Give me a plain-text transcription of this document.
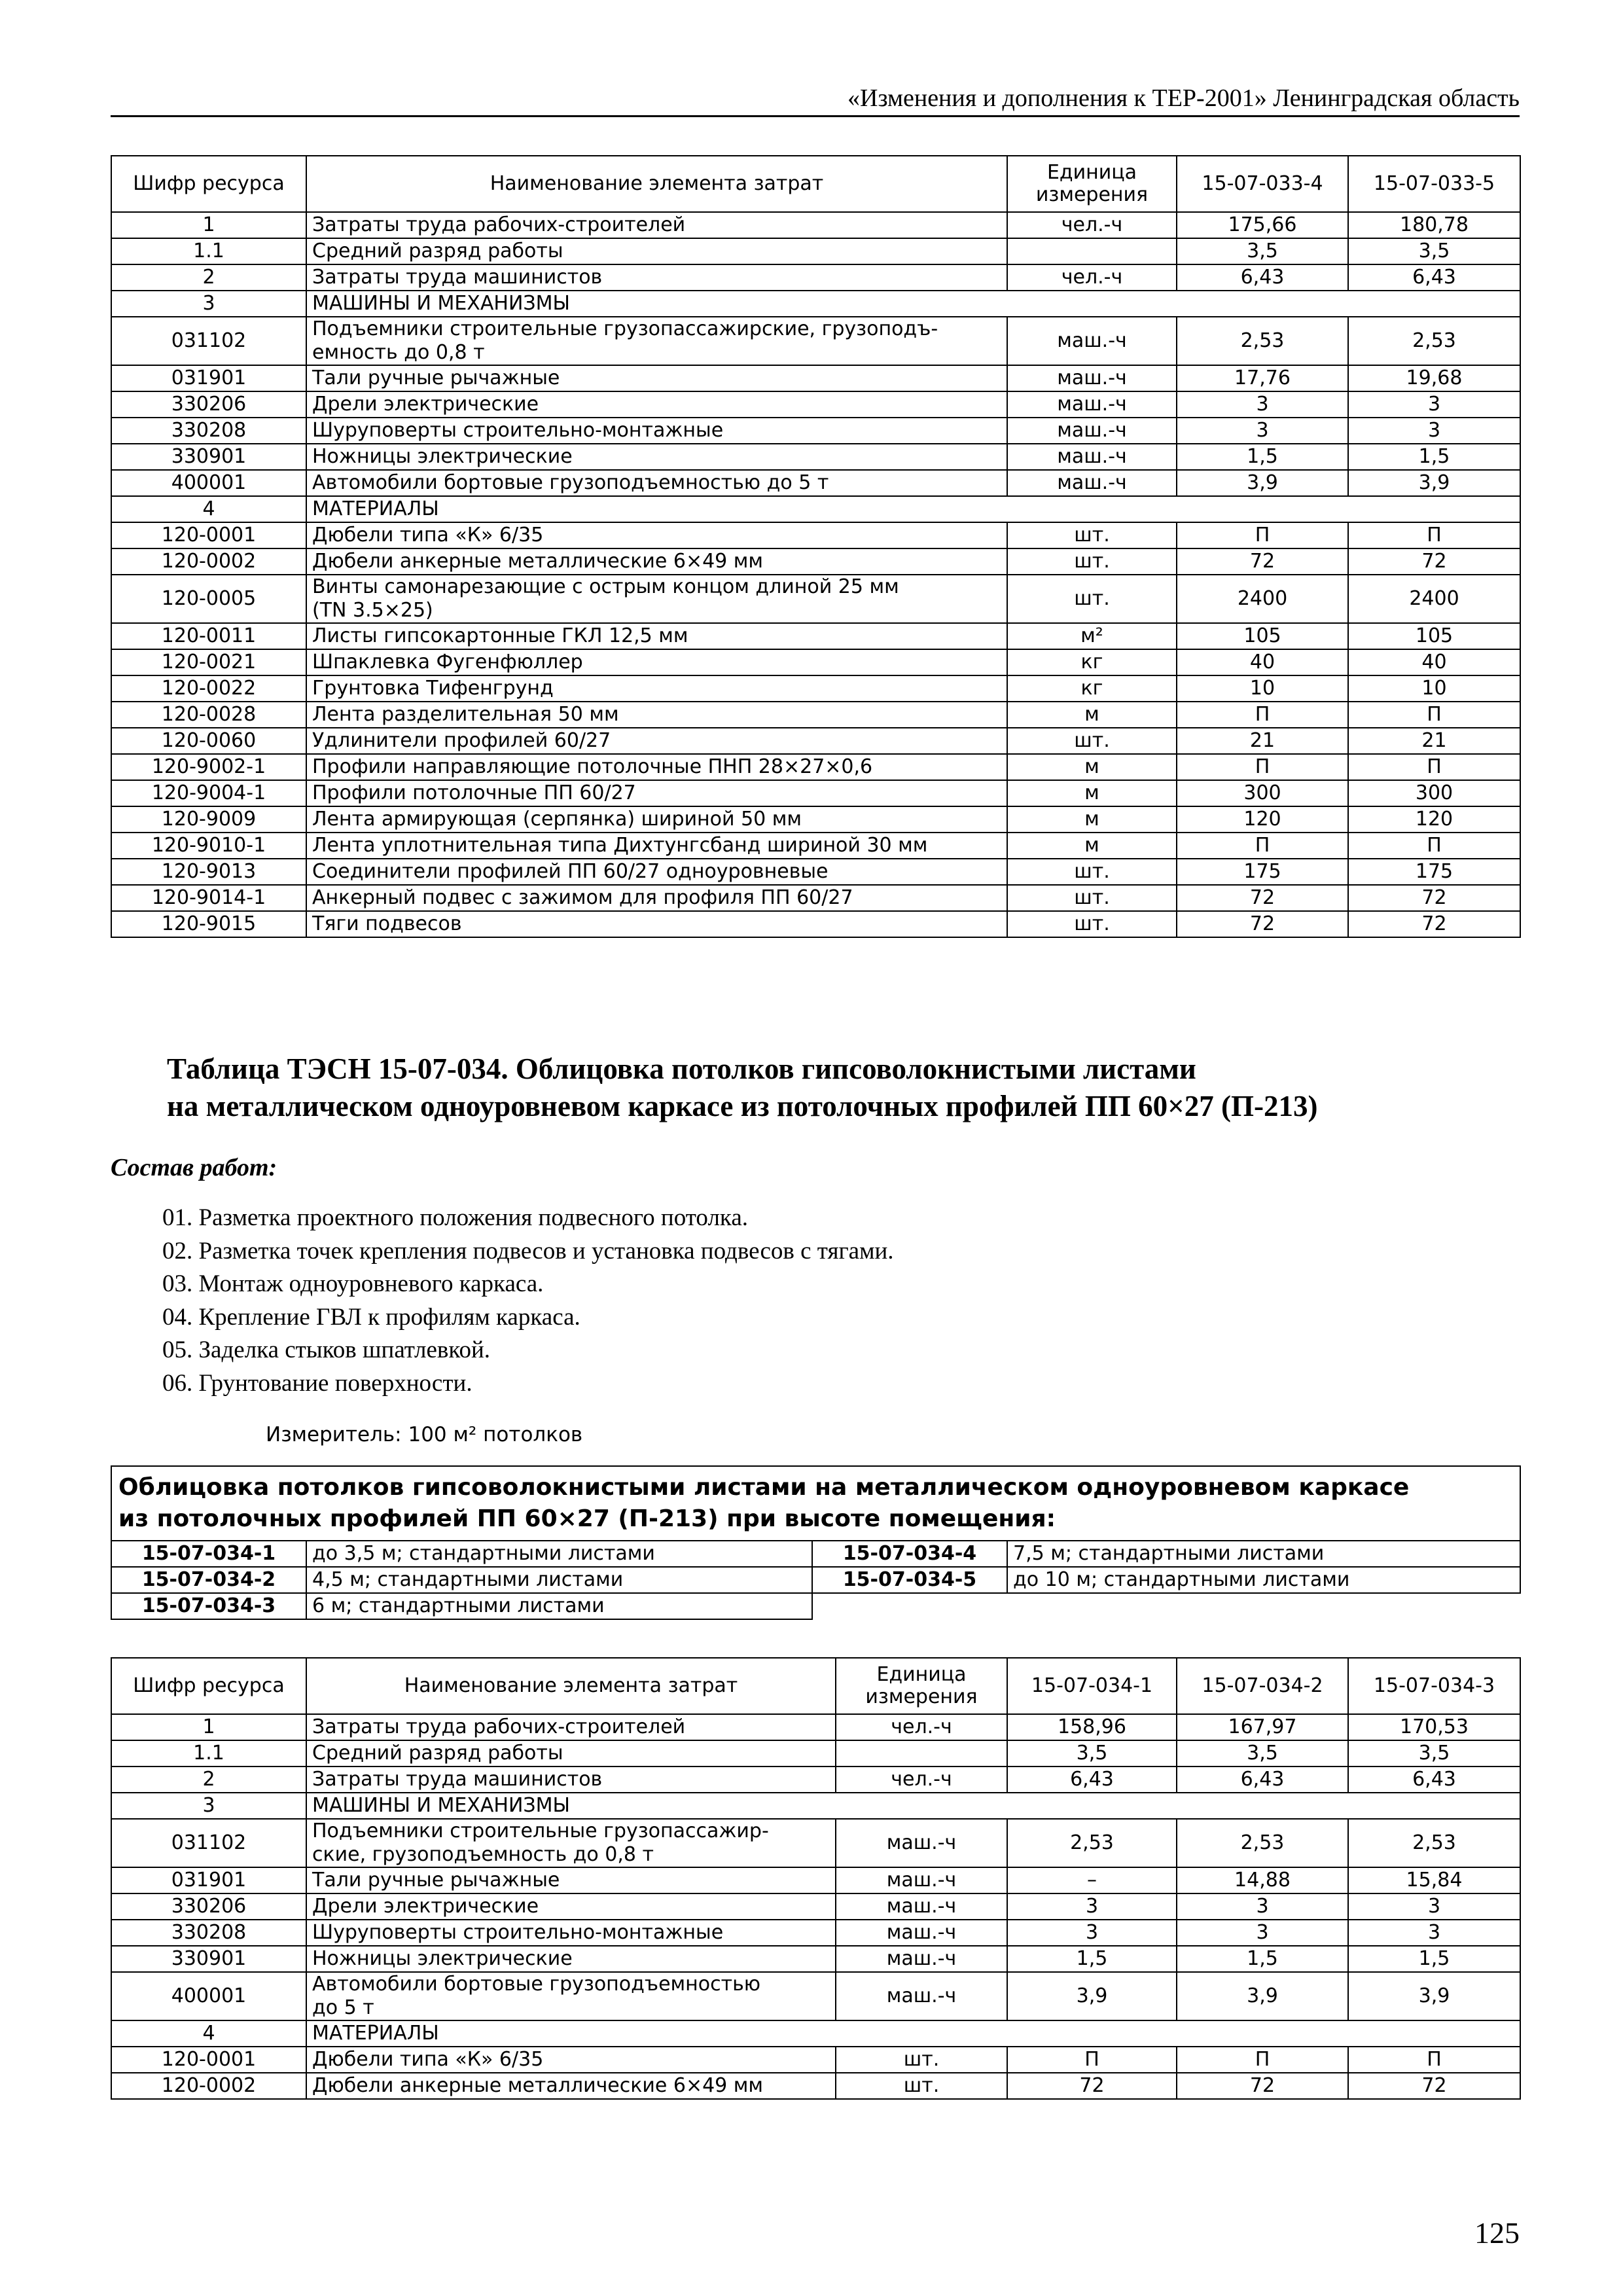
«Изменения и дополнения к ТЕР-2001» Ленинградская область
Шифр ресурса	Наименование элемента затрат	Единица
измерения	15-07-033-4	15-07-033-5
1	Затраты труда рабочих-строителей	чел.-ч	175,66	180,78
1.1	Средний разряд работы		3,5	3,5
2	Затраты труда машинистов	чел.-ч	6,43	6,43
3	МАШИНЫ И МЕХАНИЗМЫ			
031102	Подъемники строительные грузопассажирские, грузоподъ-
емность до 0,8 т	маш.-ч	2,53	2,53
031901	Тали ручные рычажные	маш.-ч	17,76	19,68
330206	Дрели электрические	маш.-ч	3	3
330208	Шуруповерты строительно-монтажные	маш.-ч	3	3
330901	Ножницы электрические	маш.-ч	1,5	1,5
400001	Автомобили бортовые грузоподъемностью до 5 т	маш.-ч	3,9	3,9
4	МАТЕРИАЛЫ			
120-0001	Дюбели типа «К» 6/35	шт.	П	П
120-0002	Дюбели анкерные металлические 6×49 мм	шт.	72	72
120-0005	Винты самонарезающие с острым концом длиной 25 мм
(TN 3.5×25)	шт.	2400	2400
120-0011	Листы гипсокартонные ГКЛ 12,5 мм	м²	105	105
120-0021	Шпаклевка Фугенфюллер	кг	40	40
120-0022	Грунтовка Тифенгрунд	кг	10	10
120-0028	Лента разделительная 50 мм	м	П	П
120-0060	Удлинители профилей 60/27	шт.	21	21
120-9002-1	Профили направляющие потолочные ПНП 28×27×0,6	м	П	П
120-9004-1	Профили потолочные ПП 60/27	м	300	300
120-9009	Лента армирующая (серпянка) шириной 50 мм	м	120	120
120-9010-1	Лента уплотнительная типа Дихтунгсбанд шириной 30 мм	м	П	П
120-9013	Соединители профилей ПП 60/27 одноуровневые	шт.	175	175
120-9014-1	Анкерный подвес с зажимом для профиля ПП 60/27	шт.	72	72
120-9015	Тяги подвесов	шт.	72	72
Таблица ТЭСН 15-07-034. Облицовка потолков гипсоволокнистыми листами
на металлическом одноуровневом каркасе из потолочных профилей ПП 60×27 (П-213)
Состав работ:
01. Разметка проектного положения подвесного потолка.
02. Разметка точек крепления подвесов и установка подвесов с тягами.
03. Монтаж одноуровневого каркаса.
04. Крепление ГВЛ к профилям каркаса.
05. Заделка стыков шпатлевкой.
06. Грунтование поверхности.
Измеритель: 100 м² потолков
Облицовка потолков гипсоволокнистыми листами на металлическом одноуровневом каркасе
из потолочных профилей ПП 60×27 (П-213) при высоте помещения:			
15-07-034-1	до 3,5 м; стандартными листами	15-07-034-4	7,5 м; стандартными листами
15-07-034-2	4,5 м; стандартными листами	15-07-034-5	до 10 м; стандартными листами
15-07-034-3	6 м; стандартными листами		
Шифр ресурса	Наименование элемента затрат	Единица
измерения	15-07-034-1	15-07-034-2	15-07-034-3
1	Затраты труда рабочих-строителей	чел.-ч	158,96	167,97	170,53
1.1	Средний разряд работы		3,5	3,5	3,5
2	Затраты труда машинистов	чел.-ч	6,43	6,43	6,43
3	МАШИНЫ И МЕХАНИЗМЫ				
031102	Подъемники строительные грузопассажир-
ские, грузоподъемность до 0,8 т	маш.-ч	2,53	2,53	2,53
031901	Тали ручные рычажные	маш.-ч	–	14,88	15,84
330206	Дрели электрические	маш.-ч	3	3	3
330208	Шуруповерты строительно-монтажные	маш.-ч	3	3	3
330901	Ножницы электрические	маш.-ч	1,5	1,5	1,5
400001	Автомобили бортовые грузоподъемностью
до 5 т	маш.-ч	3,9	3,9	3,9
4	МАТЕРИАЛЫ				
120-0001	Дюбели типа «К» 6/35	шт.	П	П	П
120-0002	Дюбели анкерные металлические 6×49 мм	шт.	72	72	72
125
